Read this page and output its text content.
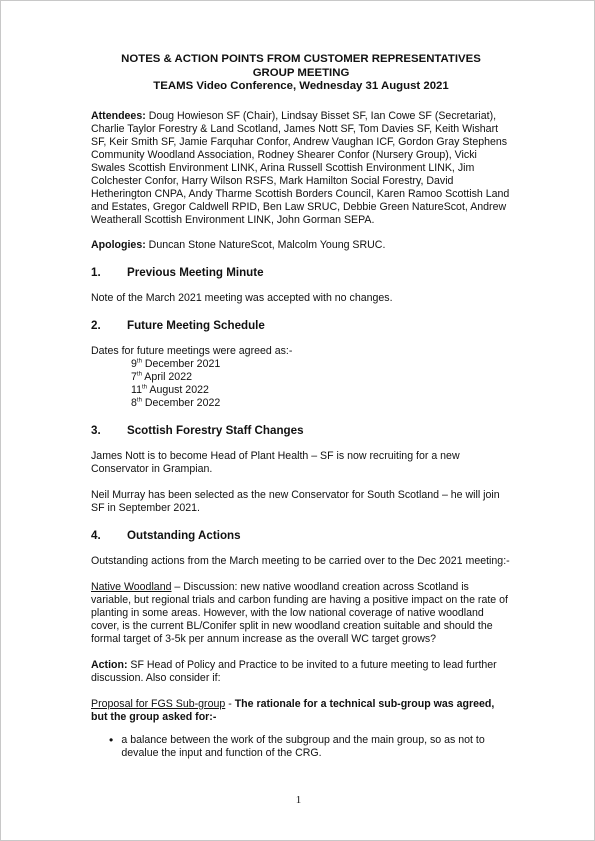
NOTES & ACTION POINTS FROM CUSTOMER REPRESENTATIVES
GROUP MEETING
TEAMS Video Conference, Wednesday 31 August 2021

Attendees: Doug Howieson SF (Chair), Lindsay Bisset SF, Ian Cowe SF (Secretariat), Charlie Taylor Forestry & Land Scotland, James Nott SF, Tom Davies SF, Keith Wishart SF, Keir Smith SF, Jamie Farquhar Confor, Andrew Vaughan ICF, Gordon Gray Stephens Community Woodland Association, Rodney Shearer Confor (Nursery Group), Vicki Swales Scottish Environment LINK, Arina Russell Scottish Environment LINK, Jim Colchester Confor, Harry Wilson RSFS, Mark Hamilton Social Forestry, David Hetherington CNPA, Andy Tharme Scottish Borders Council, Karen Ramoo Scottish Land and Estates, Gregor Caldwell RPID, Ben Law SRUC, Debbie Green NatureScot, Andrew Weatherall Scottish Environment LINK, John Gorman SEPA.

Apologies: Duncan Stone NatureScot, Malcolm Young SRUC.

1.	Previous Meeting Minute

Note of the March 2021 meeting was accepted with no changes.

2.	Future Meeting Schedule

Dates for future meetings were agreed as:-

9th December 2021
7th April 2022
11th August 2022
8th December 2022
3.	Scottish Forestry Staff Changes

James Nott is to become Head of Plant Health – SF is now recruiting for a new Conservator in Grampian.

Neil Murray has been selected as the new Conservator for South Scotland – he will join SF in September 2021.

4.	Outstanding Actions

Outstanding actions from the March meeting to be carried over to the Dec 2021 meeting:-

Native Woodland – Discussion: new native woodland creation across Scotland is variable, but regional trials and carbon funding are having a positive impact on the rate of planting in some areas. However, with the low national coverage of native woodland cover, is the current BL/Conifer split in new woodland creation suitable and should the formal target of 3-5k per annum increase as the overall WC target grows?

Action: SF Head of Policy and Practice to be invited to a future meeting to lead further discussion. Also consider if:

Proposal for FGS Sub-group - The rationale for a technical sub-group was agreed, but the group asked for:-

• a balance between the work of the subgroup and the main group, so as not to devalue the input and function of the CRG.
1
